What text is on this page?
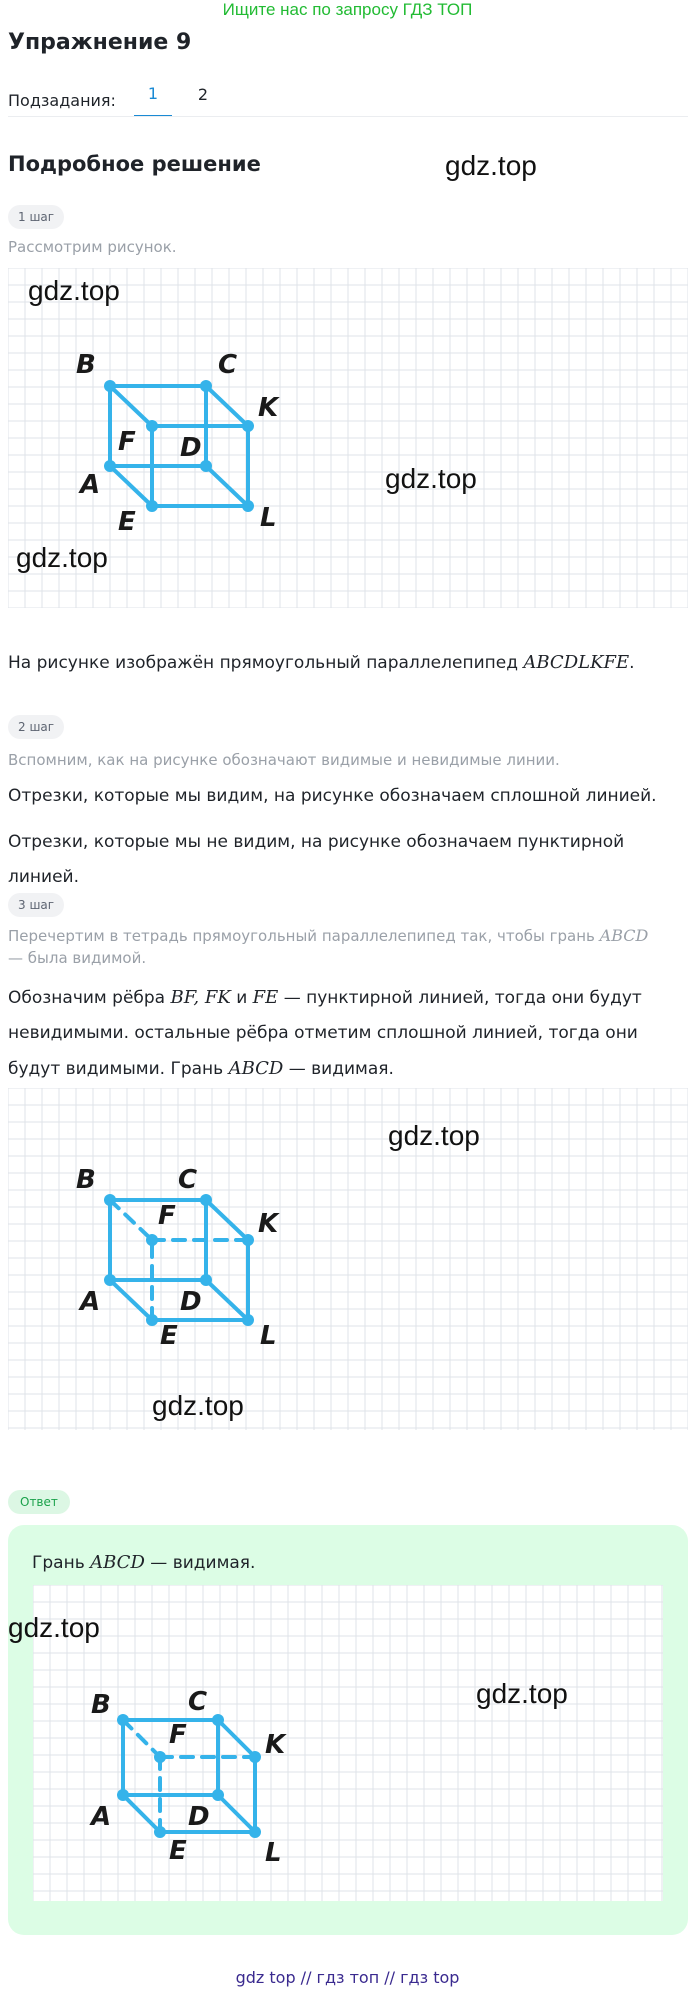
Ищите нас по запросу ГДЗ ТОП
Упражнение 9
Подзадания:	1	2
Подробное решение	gdz.top
1 шаг
Рассмотрим рисунок.
B	C
K
F D
A
E	L
gdz.top
gdz.top
gdz.top
На рисунке изображён прямоугольный параллелепипед ABCDLKFE.
2 шаг
Вспомним, как на рисунке обозначают видимые и невидимые линии.
Отрезки, которые мы видим, на рисунке обозначаем сплошной линией.
Отрезки, которые мы не видим, на рисунке обозначаем пунктирной линией.
3 шаг
Перечертим в тетрадь прямоугольный параллелепипед так, чтобы грань ABCD — была видимой.
Обозначим рёбра BF, FK и FE — пунктирной линией, тогда они будут невидимыми. остальные рёбра отметим сплошной линией, тогда они будут видимыми. Грань ABCD — видимая.
B	C
K
F
D
A
E	L
gdz.top
gdz.top
Ответ
Грань ABCD — видимая.
B	C
K
F
D
A
E	L
gdz.top
gdz.top
gdz top // гдз топ // гдз top
